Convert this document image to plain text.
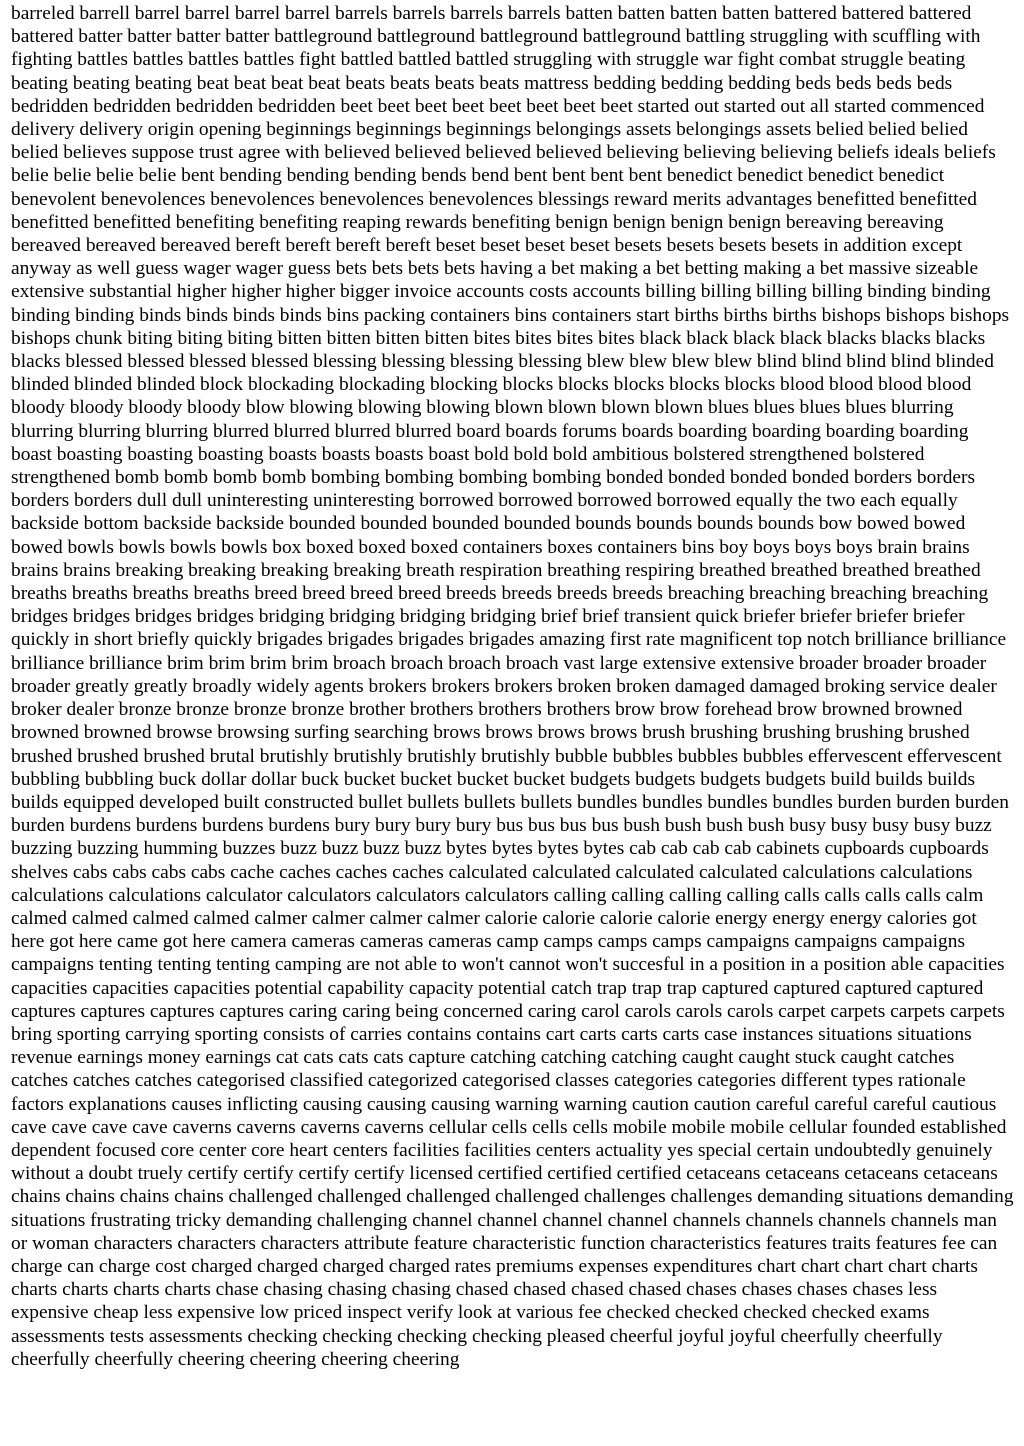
barreled barrell barrel barrel barrel barrel barrels barrels barrels barrels batten batten batten batten battered battered battered battered batter batter batter batter battleground battleground battleground battleground battling struggling with scuffling with fighting battles battles battles battles fight battled battled battled struggling with struggle war fight combat struggle beating beating beating beating beat beat beat beat beats beats beats beats mattress bedding bedding bedding beds beds beds beds bedridden bedridden bedridden bedridden beet beet beet beet beet beet beet beet started out started out all started commenced delivery delivery origin opening beginnings beginnings beginnings belongings assets belongings assets belied belied belied belied believes suppose trust agree with believed believed believed believed believing believing believing beliefs ideals beliefs belie belie belie belie bent bending bending bending bends bend bent bent bent bent benedict benedict benedict benedict benevolent benevolences benevolences benevolences benevolences blessings reward merits advantages benefitted benefitted benefitted benefitted benefiting benefiting reaping rewards benefiting benign benign benign benign bereaving bereaving bereaved bereaved bereaved bereft bereft bereft bereft beset beset beset beset besets besets besets besets in addition except anyway as well guess wager wager guess bets bets bets bets having a bet making a bet betting making a bet massive sizeable extensive substantial higher higher higher bigger invoice accounts costs accounts billing billing billing billing binding binding binding binding binds binds binds binds bins packing containers bins containers start births births births bishops bishops bishops bishops chunk biting biting biting bitten bitten bitten bitten bites bites bites bites black black black black blacks blacks blacks blacks blessed blessed blessed blessed blessing blessing blessing blessing blew blew blew blew blind blind blind blind blinded blinded blinded blinded block blockading blockading blocking blocks blocks blocks blocks blocks blood blood blood blood bloody bloody bloody bloody blow blowing blowing blowing blown blown blown blown blues blues blues blues blurring blurring blurring blurring blurred blurred blurred blurred board boards forums boards boarding boarding boarding boarding boast boasting boasting boasting boasts boasts boasts boast bold bold bold ambitious bolstered strengthened bolstered strengthened bomb bomb bomb bomb bombing bombing bombing bombing bonded bonded bonded bonded borders borders borders borders dull dull uninteresting uninteresting borrowed borrowed borrowed borrowed equally the two each equally backside bottom backside backside bounded bounded bounded bounded bounds bounds bounds bounds bow bowed bowed bowed bowls bowls bowls bowls box boxed boxed boxed containers boxes containers bins boy boys boys boys brain brains brains brains breaking breaking breaking breaking breath respiration breathing respiring breathed breathed breathed breathed breaths breaths breaths breaths breed breed breed breed breeds breeds breeds breeds breaching breaching breaching breaching bridges bridges bridges bridges bridging bridging bridging bridging brief brief transient quick briefer briefer briefer briefer quickly in short briefly quickly brigades brigades brigades brigades amazing first rate magnificent top notch brilliance brilliance brilliance brilliance brim brim brim brim broach broach broach broach vast large extensive extensive broader broader broader broader greatly greatly broadly widely agents brokers brokers brokers broken broken damaged damaged broking service dealer broker dealer bronze bronze bronze bronze brother brothers brothers brothers brow brow forehead brow browned browned browned browned browse browsing surfing searching brows brows brows brows brush brushing brushing brushing brushed brushed brushed brushed brutal brutishly brutishly brutishly brutishly bubble bubbles bubbles bubbles effervescent effervescent bubbling bubbling buck dollar dollar buck bucket bucket bucket bucket budgets budgets budgets budgets build builds builds builds equipped developed built constructed bullet bullets bullets bullets bundles bundles bundles bundles burden burden burden burden burdens burdens burdens burdens bury bury bury bury bus bus bus bus bush bush bush bush busy busy busy busy buzz buzzing buzzing humming buzzes buzz buzz buzz buzz bytes bytes bytes bytes cab cab cab cab cabinets cupboards cupboards shelves cabs cabs cabs cabs cache caches caches caches calculated calculated calculated calculated calculations calculations calculations calculations calculator calculators calculators calculators calling calling calling calling calls calls calls calls calm calmed calmed calmed calmed calmer calmer calmer calmer calorie calorie calorie calorie energy energy energy calories got here got here came got here camera cameras cameras cameras camp camps camps camps campaigns campaigns campaigns campaigns tenting tenting tenting camping are not able to won't cannot won't succesful in a position in a position able capacities capacities capacities capacities potential capability capacity potential catch trap trap trap captured captured captured captured captures captures captures captures caring caring being concerned caring carol carols carols carols carpet carpets carpets carpets bring sporting carrying sporting consists of carries contains contains cart carts carts carts case instances situations situations revenue earnings money earnings cat cats cats cats capture catching catching catching caught caught stuck caught catches catches catches catches categorised classified categorized categorised classes categories categories different types rationale factors explanations causes inflicting causing causing causing warning warning caution caution careful careful careful cautious cave cave cave cave caverns caverns caverns caverns cellular cells cells cells mobile mobile mobile cellular founded established dependent focused core center core heart centers facilities facilities centers actuality yes special certain undoubtedly genuinely without a doubt truely certify certify certify certify licensed certified certified certified cetaceans cetaceans cetaceans cetaceans chains chains chains chains challenged challenged challenged challenged challenges challenges demanding situations demanding situations frustrating tricky demanding challenging channel channel channel channel channels channels channels channels man or woman characters characters characters attribute feature characteristic function characteristics features traits features fee can charge can charge cost charged charged charged charged rates premiums expenses expenditures chart chart chart chart charts charts charts charts charts chase chasing chasing chasing chased chased chased chased chases chases chases chases less expensive cheap less expensive low priced inspect verify look at various fee checked checked checked checked exams assessments tests assessments checking checking checking checking pleased cheerful joyful joyful cheerfully cheerfully cheerfully cheerfully cheering cheering cheering cheering
